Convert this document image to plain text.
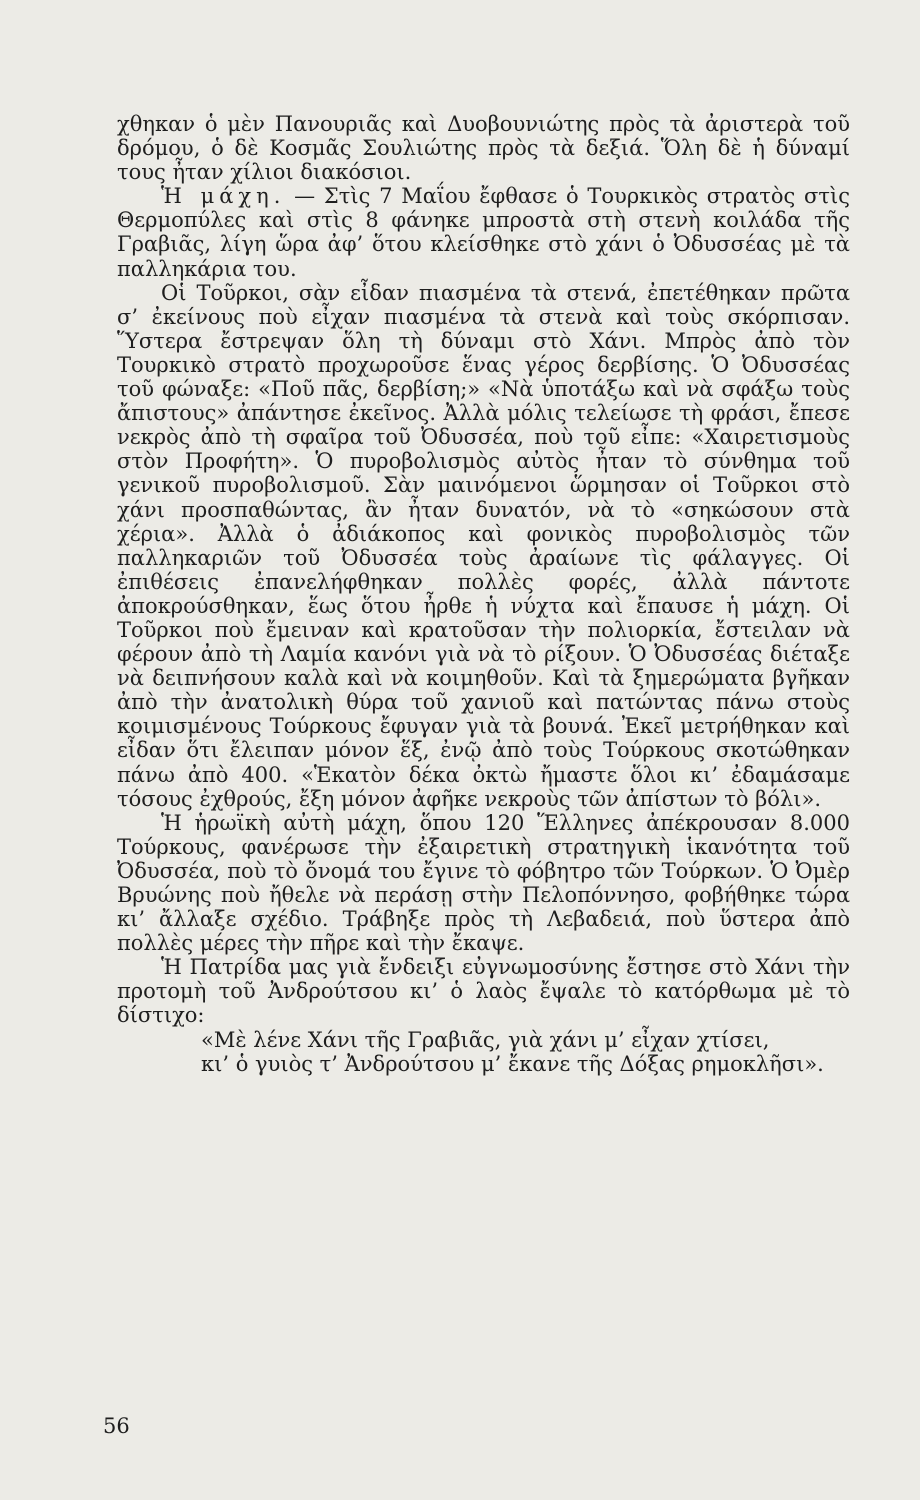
χθηκαν ὁ μὲν Πανουριᾶς καὶ Δυοβουνιώτης πρὸς τὰ ἀριστερὰ τοῦ δρόμου, ὁ δὲ Κοσμᾶς Σουλιώτης πρὸς τὰ δεξιά. Ὅλη δὲ ἡ δύναμί τους ἦταν χίλιοι διακόσιοι.

Ἡ μάχη. — Στὶς 7 Μαΐου ἔφθασε ὁ Τουρκικὸς στρατὸς στὶς Θερμοπύλες καὶ στὶς 8 φάνηκε μπροστὰ στὴ στενὴ κοιλάδα τῆς Γραβιᾶς, λίγη ὥρα ἀφ’ ὅτου κλείσθηκε στὸ χάνι ὁ Ὀδυσσέας μὲ τὰ παλληκάρια του.

Οἱ Τοῦρκοι, σὰν εἶδαν πιασμένα τὰ στενά, ἐπετέθηκαν πρῶτα σ’ ἐκείνους ποὺ εἶχαν πιασμένα τὰ στενὰ καὶ τοὺς σκόρπισαν. Ὕστερα ἔστρεψαν ὅλη τὴ δύναμι στὸ Χάνι. Μπρὸς ἀπὸ τὸν Τουρκικὸ στρατὸ προχωροῦσε ἕνας γέρος δερβίσης. Ὁ Ὀδυσσέας τοῦ φώναξε: «Ποῦ πᾶς, δερβίση;» «Νὰ ὑποτάξω καὶ νὰ σφάξω τοὺς ἄπιστους» ἀπάντησε ἐκεῖνος. Ἀλλὰ μόλις τελείωσε τὴ φράσι, ἔπεσε νεκρὸς ἀπὸ τὴ σφαῖρα τοῦ Ὀδυσσέα, ποὺ τοῦ εἶπε: «Χαιρετισμοὺς στὸν Προφήτη». Ὁ πυροβολισμὸς αὐτὸς ἦταν τὸ σύνθημα τοῦ γενικοῦ πυροβολισμοῦ. Σὰν μαινόμενοι ὥρμησαν οἱ Τοῦρκοι στὸ χάνι προσπαθώντας, ἂν ἦταν δυνατόν, νὰ τὸ «σηκώσουν στὰ χέρια». Ἀλλὰ ὁ ἀδιάκοπος καὶ φονικὸς πυροβολισμὸς τῶν παλληκαριῶν τοῦ Ὀδυσσέα τοὺς ἀραίωνε τὶς φάλαγγες. Οἱ ἐπιθέσεις ἐπανελήφθηκαν πολλὲς φορές, ἀλλὰ πάντοτε ἀποκρούσθηκαν, ἕως ὅτου ἦρθε ἡ νύχτα καὶ ἔπαυσε ἡ μάχη. Οἱ Τοῦρκοι ποὺ ἔμειναν καὶ κρατοῦσαν τὴν πολιορκία, ἔστειλαν νὰ φέρουν ἀπὸ τὴ Λαμία κανόνι γιὰ νὰ τὸ ρίξουν. Ὁ Ὀδυσσέας διέταξε νὰ δειπνήσουν καλὰ καὶ νὰ κοιμηθοῦν. Καὶ τὰ ξημερώματα βγῆκαν ἀπὸ τὴν ἀνατολικὴ θύρα τοῦ χανιοῦ καὶ πατώντας πάνω στοὺς κοιμισμένους Τούρκους ἔφυγαν γιὰ τὰ βουνά. Ἐκεῖ μετρήθηκαν καὶ εἶδαν ὅτι ἔλειπαν μόνον ἕξ, ἐνῷ ἀπὸ τοὺς Τούρκους σκοτώθηκαν πάνω ἀπὸ 400. «Ἑκατὸν δέκα ὀκτὼ ἤμαστε ὅλοι κι’ ἐδαμάσαμε τόσους ἐχθρούς, ἔξη μόνον ἀφῆκε νεκροὺς τῶν ἀπίστων τὸ βόλι».

Ἡ ἡρωϊκὴ αὐτὴ μάχη, ὅπου 120 Ἕλληνες ἀπέκρουσαν 8.000 Τούρκους, φανέρωσε τὴν ἐξαιρετικὴ στρατηγικὴ ἱκανότητα τοῦ Ὀδυσσέα, ποὺ τὸ ὄνομά του ἔγινε τὸ φόβητρο τῶν Τούρκων. Ὁ Ὀμὲρ Βρυώνης ποὺ ἤθελε νὰ περάσῃ στὴν Πελοπόννησο, φοβήθηκε τώρα κι’ ἄλλαξε σχέδιο. Τράβηξε πρὸς τὴ Λεβαδειά, ποὺ ὕστερα ἀπὸ πολλὲς μέρες τὴν πῆρε καὶ τὴν ἔκαψε.

Ἡ Πατρίδα μας γιὰ ἔνδειξι εὐγνωμοσύνης ἔστησε στὸ Χάνι τὴν προτομὴ τοῦ Ἀνδρούτσου κι’ ὁ λαὸς ἔψαλε τὸ κατόρθωμα μὲ τὸ δίστιχο:

«Μὲ λένε Χάνι τῆς Γραβιᾶς, γιὰ χάνι μ’ εἶχαν χτίσει,
κι’ ὁ γυιὸς τ’ Ἀνδρούτσου μ’ ἔκανε τῆς Δόξας ρημοκλῆσι».

56
